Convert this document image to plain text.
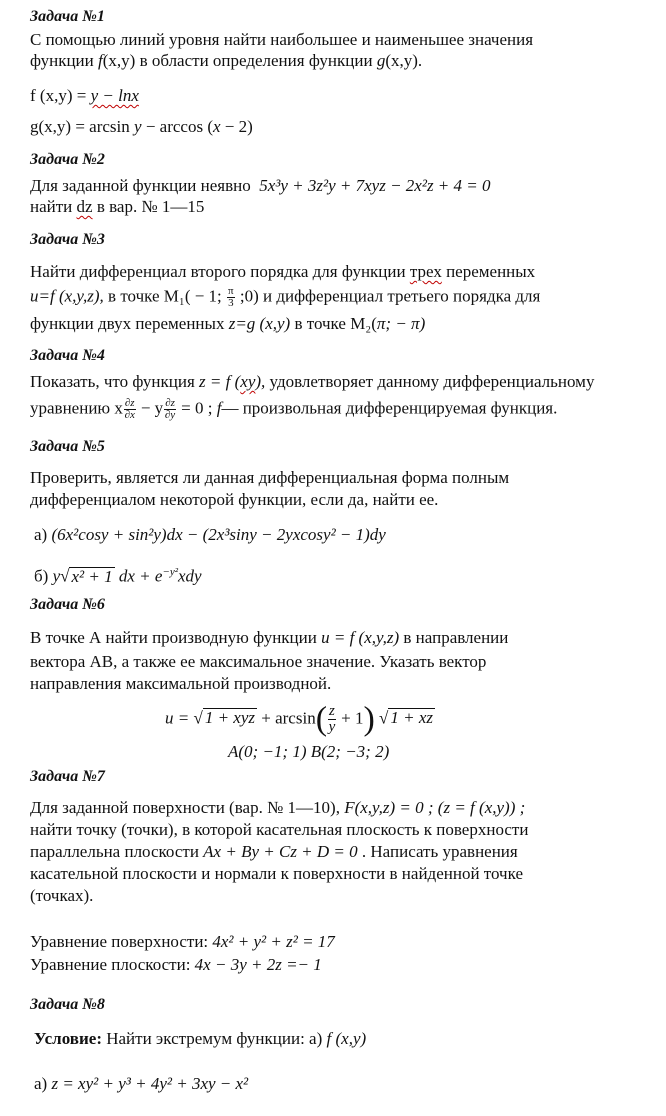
Задача №1
С помощью линий уровня найти наибольшее и наименьшее значения
функции f(x,y) в области определения функции g(x,y).
f (x,y) = y − lnx
g(x,y) = arcsin y − arccos (x − 2)
Задача №2
Для заданной функции неявно 5x³y + 3z²y + 7xyz − 2x²z + 4 = 0
найти dz в вар. № 1—15
Задача №3
Найти дифференциал второго порядка для функции трех переменных
u=f (x,y,z), в точке M₁( − 1; $\frac{\pi}{3}$ ;0) и дифференциал третьего порядка для
функции двух переменных z=g (x,y) в точке M₂(π; − π)
Задача №4
Показать, что функция z = f (xy), удовлетворяет данному дифференциальному
уравнению x $\frac{\partial z}{\partial x} - y \frac{\partial z}{\partial y} = 0$ ; f— произвольная дифференцируемая функция.
Задача №5
Проверить, является ли данная дифференциальная форма полным
дифференциалом некоторой функции, если да, найти ее.
а) (6x²cosy + sin²y)dx − (2x³siny − 2yxcosy² − 1)dy
б) y√ x² + 1 dx + $e^{-y^2}xdy$
Задача №6
В точке А найти производную функции u = f (x,y,z) в направлении
вектора АВ, а также ее максимальное значение. Указать вектор
направления максимальной производной.
u = √ 1 + xyz + $\arcsin( \frac{z}{y} + 1)$ √ 1 + xz
A(0; −1; 1) B(2; −3; 2)
Задача №7
Для заданной поверхности (вар. № 1—10), F(x,y,z) = 0 ; (z = f (x,y)) ;
найти точку (точки), в которой касательная плоскость к поверхности
параллельна плоскости Ax + By + Cz + D = 0 . Написать уравнения
касательной плоскости и нормали к поверхности в найденной точке
(точках).
Уравнение поверхности: 4x² + y² + z² = 17
Уравнение плоскости: 4x − 3y + 2z =− 1
Задача №8
Условие: Найти экстремум функции: а) f (x,y)
а) z = xy² + y³ + 4y² + 3xy − x²
